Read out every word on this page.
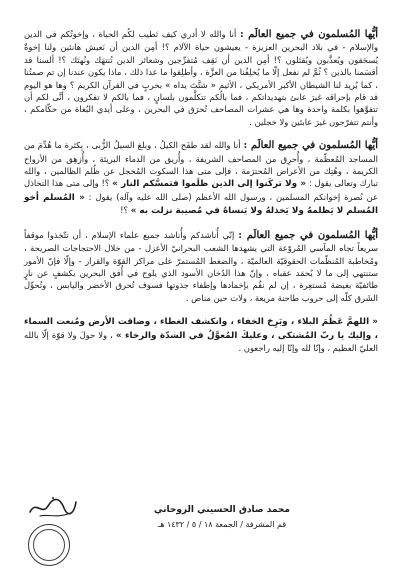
أيُّها المُسلمون في جميع العالَم : أنا والله لا أدري كيف تَطيب لكُم الحياة ، وإخوتُكم في الدين والإسلام - في بلاد البحرين العزيزة - يعيشون حياة الآلام ؟! أمِن الدين أن نَعيش هانئين ولنا إخوةٌ يُسحَقون ويُعذَّبون ويُقتَلون ؟! أمِن الدين أن نَقِف مُتفرِّجين وشعائر الدين تُنتهَك ونُهتَك ؟! ألسنا قد أقسَمنا بالدين ؟ ثُمَّ لم نفعل إلّا ما يُخلِفُنا من العزَّة ، وأطلِقوا ما عدا ذلك ، ماذا يكون عندنا إن تم صمتُنا ، كما يُريد لنا الشيطان الأكبر الأمريكي ، الأثيم « شتَّتَ يداه » بحربٍ في القرآن الكريم ؟ وها هو اليوم قد قام بإحراقه غيرَ عابئ بتهديداتكم ، فما بالُكم تتكلَّمون بلسانٍ ، فما بالكم لا تفكرون ، أنَّى لكم أن تتفوَّهوا بكلمة واحدة وها هي عشرات المصاحف تُحرَق في البحرين ، وعلى أيدي البُغاة من حكّامكم ، وأنتم تتفرّجون غيرَ عابئين ولا خجلين .

أيُّها المُسلمون في جميع العالَم : أنا والله لقد طفَح الكيلُ ، وبلغ السيلُ الزُّبى ، بِكثرة ما هُدِّمَ من المساجد المُعظّمة ، وأُحرِق من المصاحف الشريفة ، وأُريق من الدماء البريئة ، وأُزهِق من الأرواح الكريمة ، وهُتِك من الأعراض المُحترَمة ، فإلى متى هذا السكوت المُخجل عن ظُلم الظالمين ، والله تبارك وتعالى يقول : « ولا تركَنوا إلى الذين ظلَموا فتمسَّكم النار » ؟! وإلى متى هذا التخاذل عن نُصرة إخوانكم المسلمين ، ورسول الله الأعظم (صلى الله عليه وآله) يقول : « المُسلم أخو المُسلم لا يَظلمهُ ولا يَخذلهُ ولا يَنساهُ في مُصيبة نزلت به » ؟!

أيُّها المُسلمون في جميع العالَم : إنّي أُناشدكم وأُناشد جميع علماء الإسلام ، أن تتّخذوا موقفاً سريعاً تجاه المآسي المُروّعة التي يشهدها الشعب البحرانيّ الأعزل - من خلال الاحتجاجات الصريحة ، ومُخاطبة المُنظّمات الحقوقيّة العالميّة ، والضغط المُستمرّ على مراكز القوّة والقرار - وإلّا فإنّ الأمور ستنتهي إلى ما لا يُحمَد عقباه ، وإنّ هذا الدُخان الأسود الذي يلوح في أُفق البحرين بكشفٍ عن نارٍ طائفيّة بغيضة مُستعِرة ، إن لم نقُم بإخمادها وإطفاء جذوتها فسوف تُحرق الأخضر واليابس ، وتُحوِّل الشَرق كلّه إلى حروب طاحنة مريعة ، ولات حين مناص .

« اللهمَّ عَظُمَ البلاء ، وبَرِحَ الخفاء ، وانكشف الغطاء ، وضاقت الأرض ومُنعت السماء ، وإليك يا ربّ المُشتكى ، وعليكَ المُعوَّلُ في الشدّة والرخاء » ، ولا حولَ ولا قوّة إلّا بالله العليّ العظيم ، وإنّا لله وإنّا إليه راجعون .

محمد صادق الحسيني الروحاني
قم المشرفة / الجمعة ١٨ / ٥ / ١٤٣٢ هـ
